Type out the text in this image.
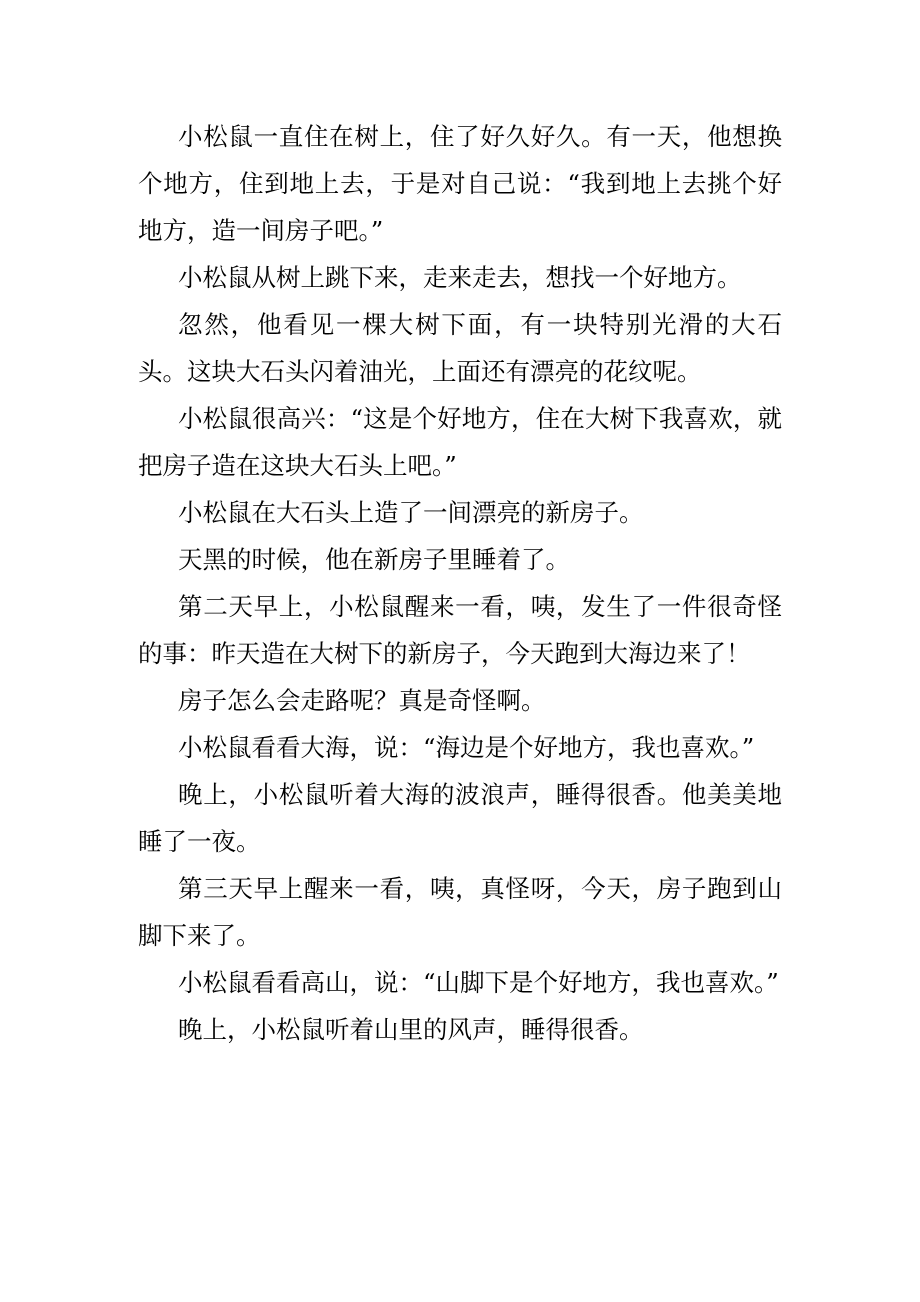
小松鼠一直住在树上，住了好久好久。有一天，他想换个地方，住到地上去，于是对自己说：“我到地上去挑个好地方，造一间房子吧。”

小松鼠从树上跳下来，走来走去，想找一个好地方。

忽然，他看见一棵大树下面，有一块特别光滑的大石头。这块大石头闪着油光，上面还有漂亮的花纹呢。

小松鼠很高兴：“这是个好地方，住在大树下我喜欢，就把房子造在这块大石头上吧。”

小松鼠在大石头上造了一间漂亮的新房子。

天黑的时候，他在新房子里睡着了。

第二天早上，小松鼠醒来一看，咦，发生了一件很奇怪的事：昨天造在大树下的新房子，今天跑到大海边来了！

房子怎么会走路呢？真是奇怪啊。

小松鼠看看大海，说：“海边是个好地方，我也喜欢。”

晚上，小松鼠听着大海的波浪声，睡得很香。他美美地睡了一夜。

第三天早上醒来一看，咦，真怪呀，今天，房子跑到山脚下来了。

小松鼠看看高山，说：“山脚下是个好地方，我也喜欢。”

晚上，小松鼠听着山里的风声，睡得很香。
